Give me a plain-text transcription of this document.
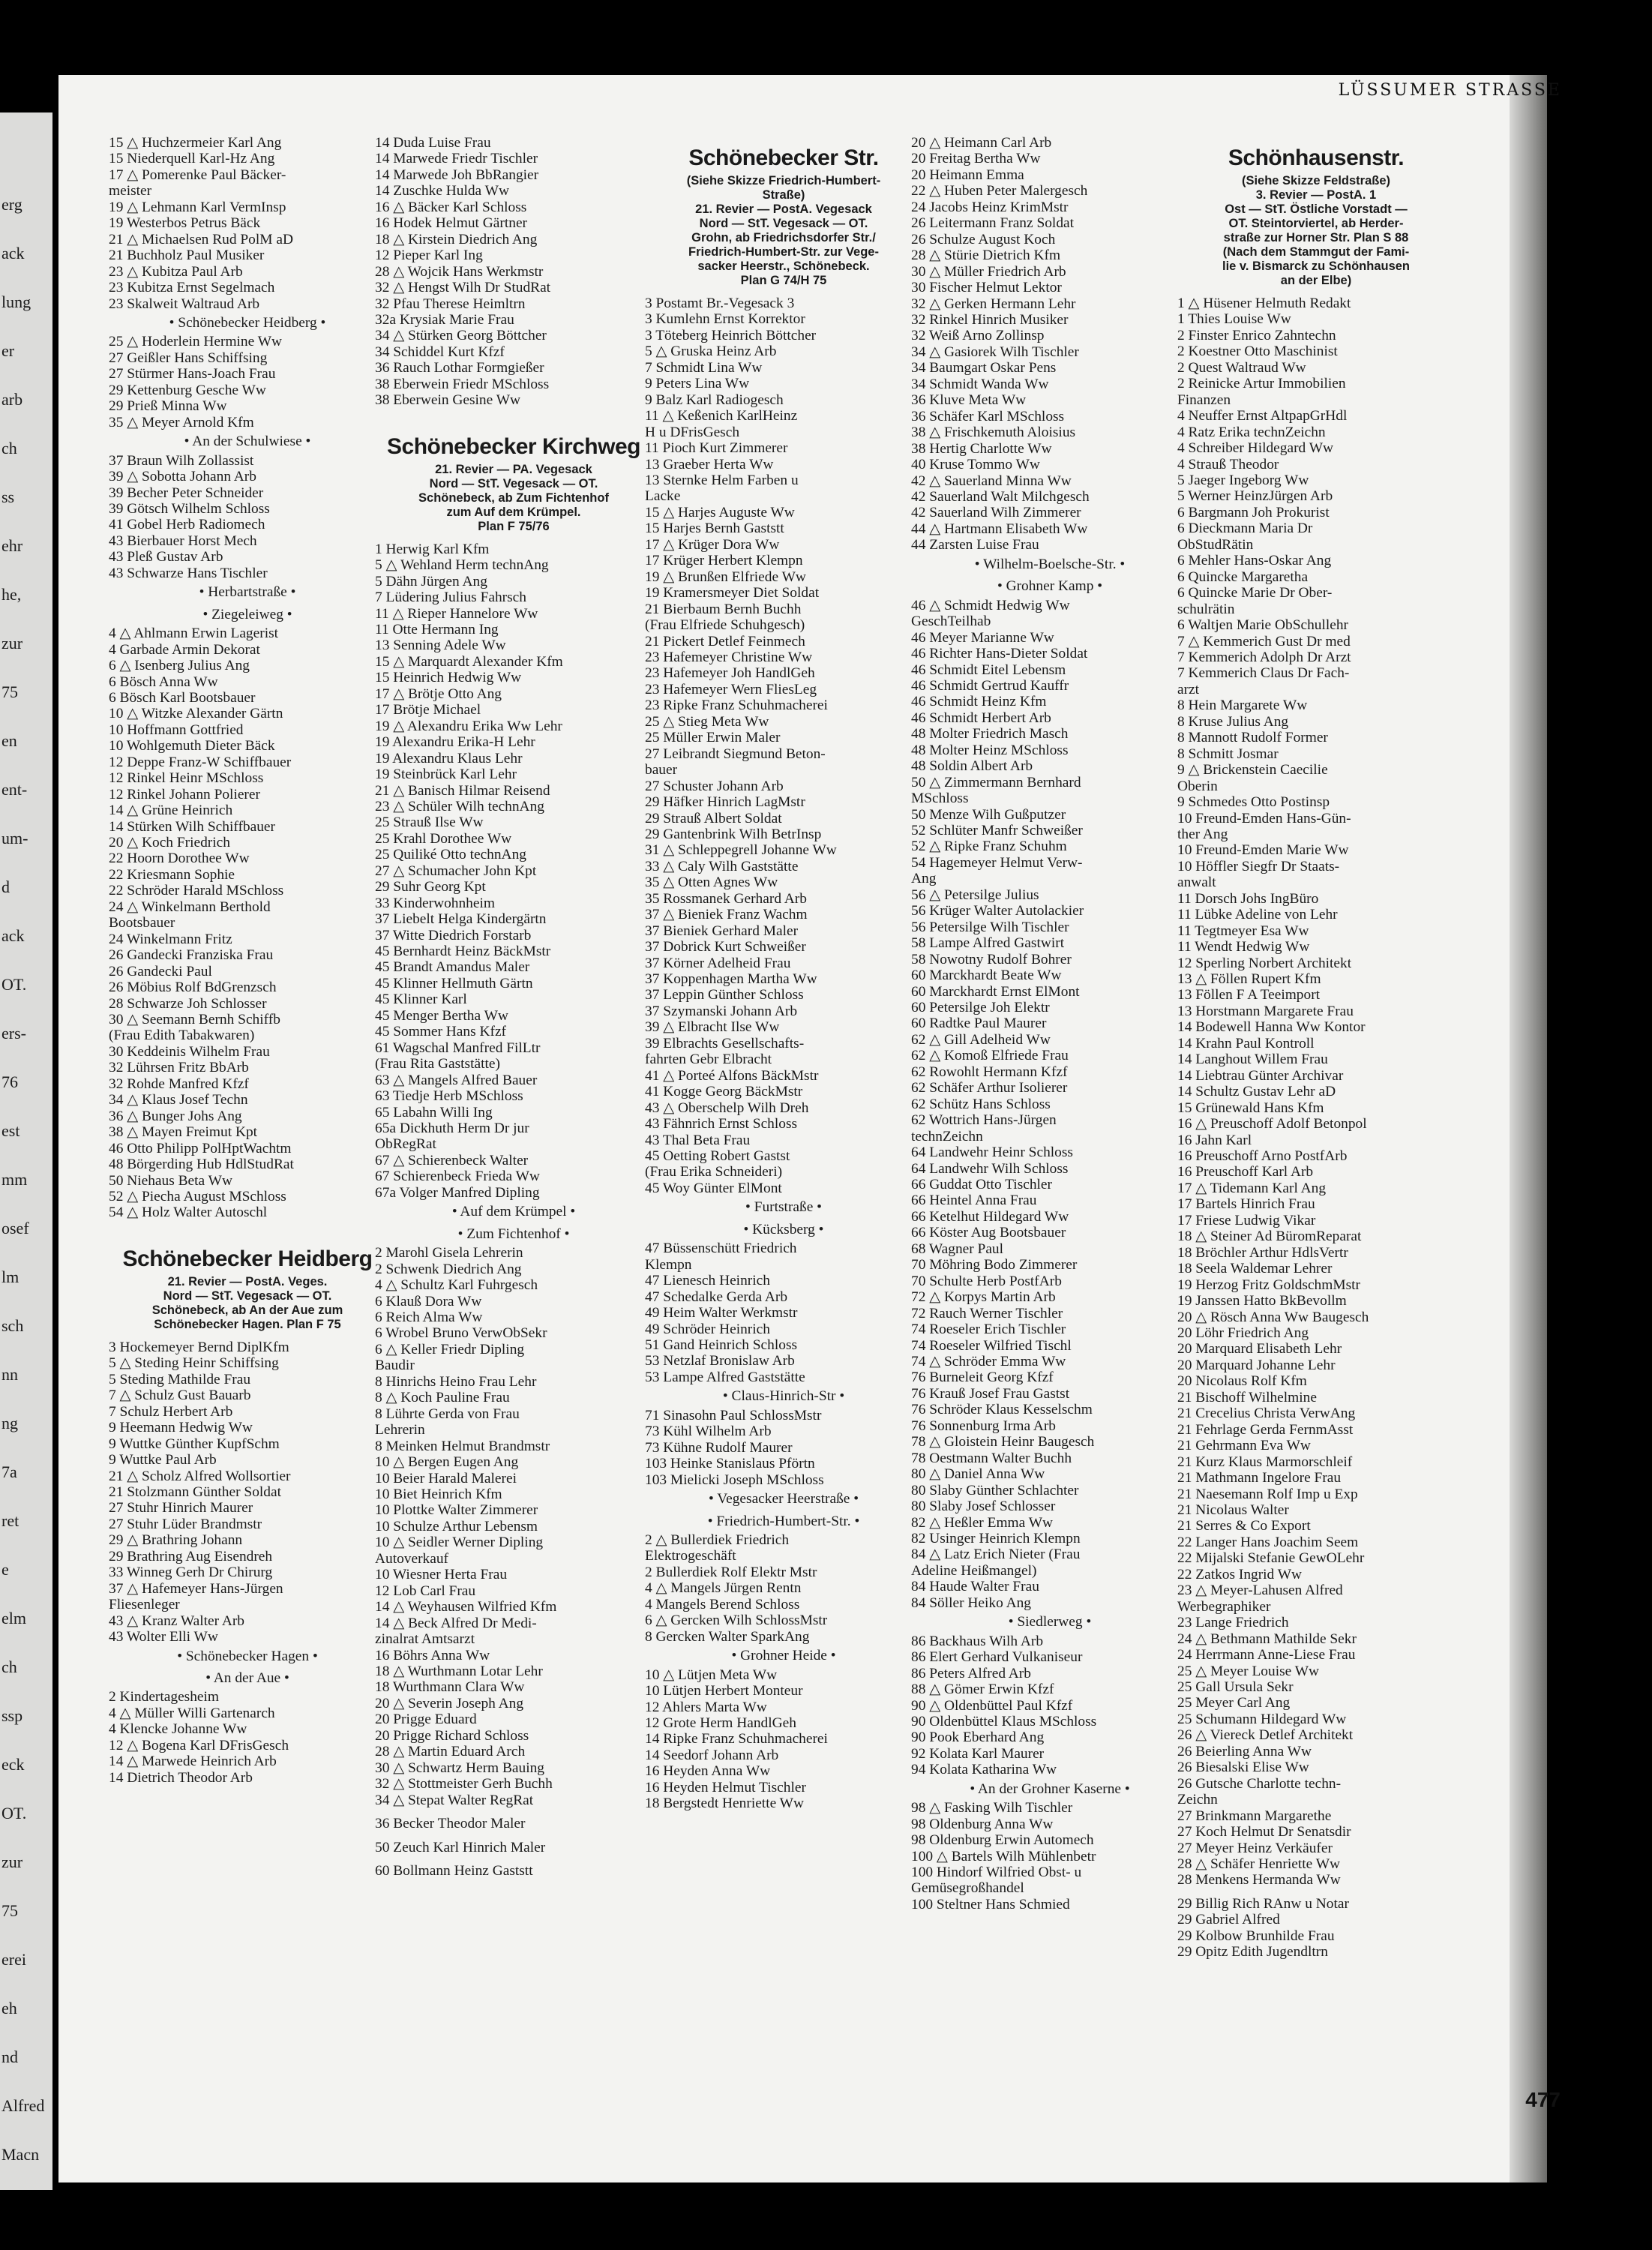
erg
ack
lung
er
arb
ch
ss
ehr
he,
zur
75
en
ent-
um-
d
ack
OT.
ers-
76
est
mm
osef
lm
sch
nn
ng
7a
ret
e
elm
ch
ssp
eck
OT.
zur
75
erei
eh
nd
Alfred
Macn
LÜSSUMER STRASSE
477
15 △ Huchzermeier Karl Ang
15 Niederquell Karl-Hz Ang
17 △ Pomerenke Paul Bäcker-
meister
19 △ Lehmann Karl VermInsp
19 Westerbos Petrus Bäck
21 △ Michaelsen Rud PolM aD
21 Buchholz Paul Musiker
23 △ Kubitza Paul Arb
23 Kubitza Ernst Segelmach
23 Skalweit Waltraud Arb
• Schönebecker Heidberg •
25 △ Hoderlein Hermine Ww
27 Geißler Hans Schiffsing
27 Stürmer Hans-Joach Frau
29 Kettenburg Gesche Ww
29 Prieß Minna Ww
35 △ Meyer Arnold Kfm
• An der Schulwiese •
37 Braun Wilh Zollassist
39 △ Sobotta Johann Arb
39 Becher Peter Schneider
39 Götsch Wilhelm Schloss
41 Gobel Herb Radiomech
43 Bierbauer Horst Mech
43 Pleß Gustav Arb
43 Schwarze Hans Tischler
• Herbartstraße •
• Ziegeleiweg •
4 △ Ahlmann Erwin Lagerist
4 Garbade Armin Dekorat
6 △ Isenberg Julius Ang
6 Bösch Anna Ww
6 Bösch Karl Bootsbauer
10 △ Witzke Alexander Gärtn
10 Hoffmann Gottfried
10 Wohlgemuth Dieter Bäck
12 Deppe Franz-W Schiffbauer
12 Rinkel Heinr MSchloss
12 Rinkel Johann Polierer
14 △ Grüne Heinrich
14 Stürken Wilh Schiffbauer
20 △ Koch Friedrich
22 Hoorn Dorothee Ww
22 Kriesmann Sophie
22 Schröder Harald MSchloss
24 △ Winkelmann Berthold
Bootsbauer
24 Winkelmann Fritz
26 Gandecki Franziska Frau
26 Gandecki Paul
26 Möbius Rolf BdGrenzsch
28 Schwarze Joh Schlosser
30 △ Seemann Bernh Schiffb
(Frau Edith Tabakwaren)
30 Keddeinis Wilhelm Frau
32 Lührsen Fritz BbArb
32 Rohde Manfred Kfzf
34 △ Klaus Josef Techn
36 △ Bunger Johs Ang
38 △ Mayen Freimut Kpt
46 Otto Philipp PolHptWachtm
48 Börgerding Hub HdlStudRat
50 Niehaus Beta Ww
52 △ Piecha August MSchloss
54 △ Holz Walter Autoschl
Schönebecker Heidberg
21. Revier — PostA. Veges.
Nord — StT. Vegesack — OT.
Schönebeck, ab An der Aue zum
Schönebecker Hagen. Plan F 75
3 Hockemeyer Bernd DiplKfm
5 △ Steding Heinr Schiffsing
5 Steding Mathilde Frau
7 △ Schulz Gust Bauarb
7 Schulz Herbert Arb
9 Heemann Hedwig Ww
9 Wuttke Günther KupfSchm
9 Wuttke Paul Arb
21 △ Scholz Alfred Wollsortier
21 Stolzmann Günther Soldat
27 Stuhr Hinrich Maurer
27 Stuhr Lüder Brandmstr
29 △ Brathring Johann
29 Brathring Aug Eisendreh
33 Winneg Gerh Dr Chirurg
37 △ Hafemeyer Hans-Jürgen
Fliesenleger
43 △ Kranz Walter Arb
43 Wolter Elli Ww
• Schönebecker Hagen •
• An der Aue •
2 Kindertagesheim
4 △ Müller Willi Gartenarch
4 Klencke Johanne Ww
12 △ Bogena Karl DFrisGesch
14 △ Marwede Heinrich Arb
14 Dietrich Theodor Arb
14 Duda Luise Frau
14 Marwede Friedr Tischler
14 Marwede Joh BbRangier
14 Zuschke Hulda Ww
16 △ Bäcker Karl Schloss
16 Hodek Helmut Gärtner
18 △ Kirstein Diedrich Ang
12 Pieper Karl Ing
28 △ Wojcik Hans Werkmstr
32 △ Hengst Wilh Dr StudRat
32 Pfau Therese Heimltrn
32a Krysiak Marie Frau
34 △ Stürken Georg Böttcher
34 Schiddel Kurt Kfzf
36 Rauch Lothar Formgießer
38 Eberwein Friedr MSchloss
38 Eberwein Gesine Ww
Schönebecker Kirchweg
21. Revier — PA. Vegesack
Nord — StT. Vegesack — OT.
Schönebeck, ab Zum Fichtenhof
zum Auf dem Krümpel.
Plan F 75/76
1 Herwig Karl Kfm
5 △ Wehland Herm technAng
5 Dähn Jürgen Ang
7 Lüdering Julius Fahrsch
11 △ Rieper Hannelore Ww
11 Otte Hermann Ing
13 Senning Adele Ww
15 △ Marquardt Alexander Kfm
15 Heinrich Hedwig Ww
17 △ Brötje Otto Ang
17 Brötje Michael
19 △ Alexandru Erika Ww Lehr
19 Alexandru Erika-H Lehr
19 Alexandru Klaus Lehr
19 Steinbrück Karl Lehr
21 △ Banisch Hilmar Reisend
23 △ Schüler Wilh technAng
25 Strauß Ilse Ww
25 Krahl Dorothee Ww
25 Quiliké Otto technAng
27 △ Schumacher John Kpt
29 Suhr Georg Kpt
33 Kinderwohnheim
37 Liebelt Helga Kindergärtn
37 Witte Diedrich Forstarb
45 Bernhardt Heinz BäckMstr
45 Brandt Amandus Maler
45 Klinner Hellmuth Gärtn
45 Klinner Karl
45 Menger Bertha Ww
45 Sommer Hans Kfzf
61 Wagschal Manfred FilLtr
(Frau Rita Gaststätte)
63 △ Mangels Alfred Bauer
63 Tiedje Herb MSchloss
65 Labahn Willi Ing
65a Dickhuth Herm Dr jur
ObRegRat
67 △ Schierenbeck Walter
67 Schierenbeck Frieda Ww
67a Volger Manfred Dipling
• Auf dem Krümpel •
• Zum Fichtenhof •
2 Marohl Gisela Lehrerin
2 Schwenk Diedrich Ang
4 △ Schultz Karl Fuhrgesch
6 Klauß Dora Ww
6 Reich Alma Ww
6 Wrobel Bruno VerwObSekr
6 △ Keller Friedr Dipling
Baudir
8 Hinrichs Heino Frau Lehr
8 △ Koch Pauline Frau
8 Lührte Gerda von Frau
Lehrerin
8 Meinken Helmut Brandmstr
10 △ Bergen Eugen Ang
10 Beier Harald Malerei
10 Biet Heinrich Kfm
10 Plottke Walter Zimmerer
10 Schulze Arthur Lebensm
10 △ Seidler Werner Dipling
Autoverkauf
10 Wiesner Herta Frau
12 Lob Carl Frau
14 △ Weyhausen Wilfried Kfm
14 △ Beck Alfred Dr Medi-
zinalrat Amtsarzt
16 Böhrs Anna Ww
18 △ Wurthmann Lotar Lehr
18 Wurthmann Clara Ww
20 △ Severin Joseph Ang
20 Prigge Eduard
20 Prigge Richard Schloss
28 △ Martin Eduard Arch
30 △ Schwartz Herm Bauing
32 △ Stottmeister Gerh Buchh
34 △ Stepat Walter RegRat
36 Becker Theodor Maler
50 Zeuch Karl Hinrich Maler
60 Bollmann Heinz Gaststt
Schönebecker Str.
(Siehe Skizze Friedrich-Humbert-
Straße)
21. Revier — PostA. Vegesack
Nord — StT. Vegesack — OT.
Grohn, ab Friedrichsdorfer Str./
Friedrich-Humbert-Str. zur Vege-
sacker Heerstr., Schönebeck.
Plan G 74/H 75
3 Postamt Br.-Vegesack 3
3 Kumlehn Ernst Korrektor
3 Töteberg Heinrich Böttcher
5 △ Gruska Heinz Arb
7 Schmidt Lina Ww
9 Peters Lina Ww
9 Balz Karl Radiogesch
11 △ Keßenich KarlHeinz
H u DFrisGesch
11 Pioch Kurt Zimmerer
13 Graeber Herta Ww
13 Sternke Helm Farben u
Lacke
15 △ Harjes Auguste Ww
15 Harjes Bernh Gaststt
17 △ Krüger Dora Ww
17 Krüger Herbert Klempn
19 △ Brunßen Elfriede Ww
19 Kramersmeyer Diet Soldat
21 Bierbaum Bernh Buchh
(Frau Elfriede Schuhgesch)
21 Pickert Detlef Feinmech
23 Hafemeyer Christine Ww
23 Hafemeyer Joh HandlGeh
23 Hafemeyer Wern FliesLeg
23 Ripke Franz Schuhmacherei
25 △ Stieg Meta Ww
25 Müller Erwin Maler
27 Leibrandt Siegmund Beton-
bauer
27 Schuster Johann Arb
29 Häfker Hinrich LagMstr
29 Strauß Albert Soldat
29 Gantenbrink Wilh BetrInsp
31 △ Schleppegrell Johanne Ww
33 △ Caly Wilh Gaststätte
35 △ Otten Agnes Ww
35 Rossmanek Gerhard Arb
37 △ Bieniek Franz Wachm
37 Bieniek Gerhard Maler
37 Dobrick Kurt Schweißer
37 Körner Adelheid Frau
37 Koppenhagen Martha Ww
37 Leppin Günther Schloss
37 Szymanski Johann Arb
39 △ Elbracht Ilse Ww
39 Elbrachts Gesellschafts-
fahrten Gebr Elbracht
41 △ Porteé Alfons BäckMstr
41 Kogge Georg BäckMstr
43 △ Oberschelp Wilh Dreh
43 Fähnrich Ernst Schloss
43 Thal Beta Frau
45 Oetting Robert Gastst
(Frau Erika Schneideri)
45 Woy Günter ElMont
• Furtstraße •
• Kücksberg •
47 Büssenschütt Friedrich
Klempn
47 Lienesch Heinrich
47 Schedalke Gerda Arb
49 Heim Walter Werkmstr
49 Schröder Heinrich
51 Gand Heinrich Schloss
53 Netzlaf Bronislaw Arb
53 Lampe Alfred Gaststätte
• Claus-Hinrich-Str •
71 Sinasohn Paul SchlossMstr
73 Kühl Wilhelm Arb
73 Kühne Rudolf Maurer
103 Heinke Stanislaus Pförtn
103 Mielicki Joseph MSchloss
• Vegesacker Heerstraße •
• Friedrich-Humbert-Str. •
2 △ Bullerdiek Friedrich
Elektrogeschäft
2 Bullerdiek Rolf Elektr Mstr
4 △ Mangels Jürgen Rentn
4 Mangels Berend Schloss
6 △ Gercken Wilh SchlossMstr
8 Gercken Walter SparkAng
• Grohner Heide •
10 △ Lütjen Meta Ww
10 Lütjen Herbert Monteur
12 Ahlers Marta Ww
12 Grote Herm HandlGeh
14 Ripke Franz Schuhmacherei
14 Seedorf Johann Arb
16 Heyden Anna Ww
16 Heyden Helmut Tischler
18 Bergstedt Henriette Ww
20 △ Heimann Carl Arb
20 Freitag Bertha Ww
20 Heimann Emma
22 △ Huben Peter Malergesch
24 Jacobs Heinz KrimMstr
26 Leitermann Franz Soldat
26 Schulze August Koch
28 △ Stürie Dietrich Kfm
30 △ Müller Friedrich Arb
30 Fischer Helmut Lektor
32 △ Gerken Hermann Lehr
32 Rinkel Hinrich Musiker
32 Weiß Arno Zollinsp
34 △ Gasiorek Wilh Tischler
34 Baumgart Oskar Pens
34 Schmidt Wanda Ww
36 Kluve Meta Ww
36 Schäfer Karl MSchloss
38 △ Frischkemuth Aloisius
38 Hertig Charlotte Ww
40 Kruse Tommo Ww
42 △ Sauerland Minna Ww
42 Sauerland Walt Milchgesch
42 Sauerland Wilh Zimmerer
44 △ Hartmann Elisabeth Ww
44 Zarsten Luise Frau
• Wilhelm-Boelsche-Str. •
• Grohner Kamp •
46 △ Schmidt Hedwig Ww
GeschTeilhab
46 Meyer Marianne Ww
46 Richter Hans-Dieter Soldat
46 Schmidt Eitel Lebensm
46 Schmidt Gertrud Kauffr
46 Schmidt Heinz Kfm
46 Schmidt Herbert Arb
48 Molter Friedrich Masch
48 Molter Heinz MSchloss
48 Soldin Albert Arb
50 △ Zimmermann Bernhard
MSchloss
50 Menze Wilh Gußputzer
52 Schlüter Manfr Schweißer
52 △ Ripke Franz Schuhm
54 Hagemeyer Helmut Verw-
Ang
56 △ Petersilge Julius
56 Krüger Walter Autolackier
56 Petersilge Wilh Tischler
58 Lampe Alfred Gastwirt
58 Nowotny Rudolf Bohrer
60 Marckhardt Beate Ww
60 Marckhardt Ernst ElMont
60 Petersilge Joh Elektr
60 Radtke Paul Maurer
62 △ Gill Adelheid Ww
62 △ Komoß Elfriede Frau
62 Rowohlt Hermann Kfzf
62 Schäfer Arthur Isolierer
62 Schütz Hans Schloss
62 Wottrich Hans-Jürgen
technZeichn
64 Landwehr Heinr Schloss
64 Landwehr Wilh Schloss
66 Guddat Otto Tischler
66 Heintel Anna Frau
66 Ketelhut Hildegard Ww
66 Köster Aug Bootsbauer
68 Wagner Paul
70 Möhring Bodo Zimmerer
70 Schulte Herb PostfArb
72 △ Korpys Martin Arb
72 Rauch Werner Tischler
74 Roeseler Erich Tischler
74 Roeseler Wilfried Tischl
74 △ Schröder Emma Ww
76 Burneleit Georg Kfzf
76 Krauß Josef Frau Gastst
76 Schröder Klaus Kesselschm
76 Sonnenburg Irma Arb
78 △ Gloistein Heinr Baugesch
78 Oestmann Walter Buchh
80 △ Daniel Anna Ww
80 Slaby Günther Schlachter
80 Slaby Josef Schlosser
82 △ Heßler Emma Ww
82 Usinger Heinrich Klempn
84 △ Latz Erich Nieter (Frau
Adeline Heißmangel)
84 Haude Walter Frau
84 Söller Heiko Ang
• Siedlerweg •
86 Backhaus Wilh Arb
86 Elert Gerhard Vulkaniseur
86 Peters Alfred Arb
88 △ Gömer Erwin Kfzf
90 △ Oldenbüttel Paul Kfzf
90 Oldenbüttel Klaus MSchloss
90 Pook Eberhard Ang
92 Kolata Karl Maurer
94 Kolata Katharina Ww
• An der Grohner Kaserne •
98 △ Fasking Wilh Tischler
98 Oldenburg Anna Ww
98 Oldenburg Erwin Automech
100 △ Bartels Wilh Mühlenbetr
100 Hindorf Wilfried Obst- u
Gemüsegroßhandel
100 Steltner Hans Schmied
Schönhausenstr.
(Siehe Skizze Feldstraße)
3. Revier — PostA. 1
Ost — StT. Östliche Vorstadt —
OT. Steintorviertel, ab Herder-
straße zur Horner Str. Plan S 88
(Nach dem Stammgut der Fami-
lie v. Bismarck zu Schönhausen
an der Elbe)
1 △ Hüsener Helmuth Redakt
1 Thies Louise Ww
2 Finster Enrico Zahntechn
2 Koestner Otto Maschinist
2 Quest Waltraud Ww
2 Reinicke Artur Immobilien
Finanzen
4 Neuffer Ernst AltpapGrHdl
4 Ratz Erika technZeichn
4 Schreiber Hildegard Ww
4 Strauß Theodor
5 Jaeger Ingeborg Ww
5 Werner HeinzJürgen Arb
6 Bargmann Joh Prokurist
6 Dieckmann Maria Dr
ObStudRätin
6 Mehler Hans-Oskar Ang
6 Quincke Margaretha
6 Quincke Marie Dr Ober-
schulrätin
6 Waltjen Marie ObSchullehr
7 △ Kemmerich Gust Dr med
7 Kemmerich Adolph Dr Arzt
7 Kemmerich Claus Dr Fach-
arzt
8 Hein Margarete Ww
8 Kruse Julius Ang
8 Mannott Rudolf Former
8 Schmitt Josmar
9 △ Brickenstein Caecilie
Oberin
9 Schmedes Otto Postinsp
10 Freund-Emden Hans-Gün-
ther Ang
10 Freund-Emden Marie Ww
10 Höffler Siegfr Dr Staats-
anwalt
11 Dorsch Johs IngBüro
11 Lübke Adeline von Lehr
11 Tegtmeyer Esa Ww
11 Wendt Hedwig Ww
12 Sperling Norbert Architekt
13 △ Föllen Rupert Kfm
13 Föllen F A Teeimport
13 Horstmann Margarete Frau
14 Bodewell Hanna Ww Kontor
14 Krahn Paul Kontroll
14 Langhout Willem Frau
14 Liebtrau Günter Archivar
14 Schultz Gustav Lehr aD
15 Grünewald Hans Kfm
16 △ Preuschoff Adolf Betonpol
16 Jahn Karl
16 Preuschoff Arno PostfArb
16 Preuschoff Karl Arb
17 △ Tidemann Karl Ang
17 Bartels Hinrich Frau
17 Friese Ludwig Vikar
18 △ Steiner Ad BüromReparat
18 Bröchler Arthur HdlsVertr
18 Seela Waldemar Lehrer
19 Herzog Fritz GoldschmMstr
19 Janssen Hatto BkBevollm
20 △ Rösch Anna Ww Baugesch
20 Löhr Friedrich Ang
20 Marquard Elisabeth Lehr
20 Marquard Johanne Lehr
20 Nicolaus Rolf Kfm
21 Bischoff Wilhelmine
21 Crecelius Christa VerwAng
21 Fehrlage Gerda FernmAsst
21 Gehrmann Eva Ww
21 Kurz Klaus Marmorschleif
21 Mathmann Ingelore Frau
21 Naesemann Rolf Imp u Exp
21 Nicolaus Walter
21 Serres & Co Export
22 Langer Hans Joachim Seem
22 Mijalski Stefanie GewOLehr
22 Zatkos Ingrid Ww
23 △ Meyer-Lahusen Alfred
Werbegraphiker
23 Lange Friedrich
24 △ Bethmann Mathilde Sekr
24 Herrmann Anne-Liese Frau
25 △ Meyer Louise Ww
25 Gall Ursula Sekr
25 Meyer Carl Ang
25 Schumann Hildegard Ww
26 △ Viereck Detlef Architekt
26 Beierling Anna Ww
26 Biesalski Elise Ww
26 Gutsche Charlotte techn-
Zeichn
27 Brinkmann Margarethe
27 Koch Helmut Dr Senatsdir
27 Meyer Heinz Verkäufer
28 △ Schäfer Henriette Ww
28 Menkens Hermanda Ww
29 Billig Rich RAnw u Notar
29 Gabriel Alfred
29 Kolbow Brunhilde Frau
29 Opitz Edith Jugendltrn
